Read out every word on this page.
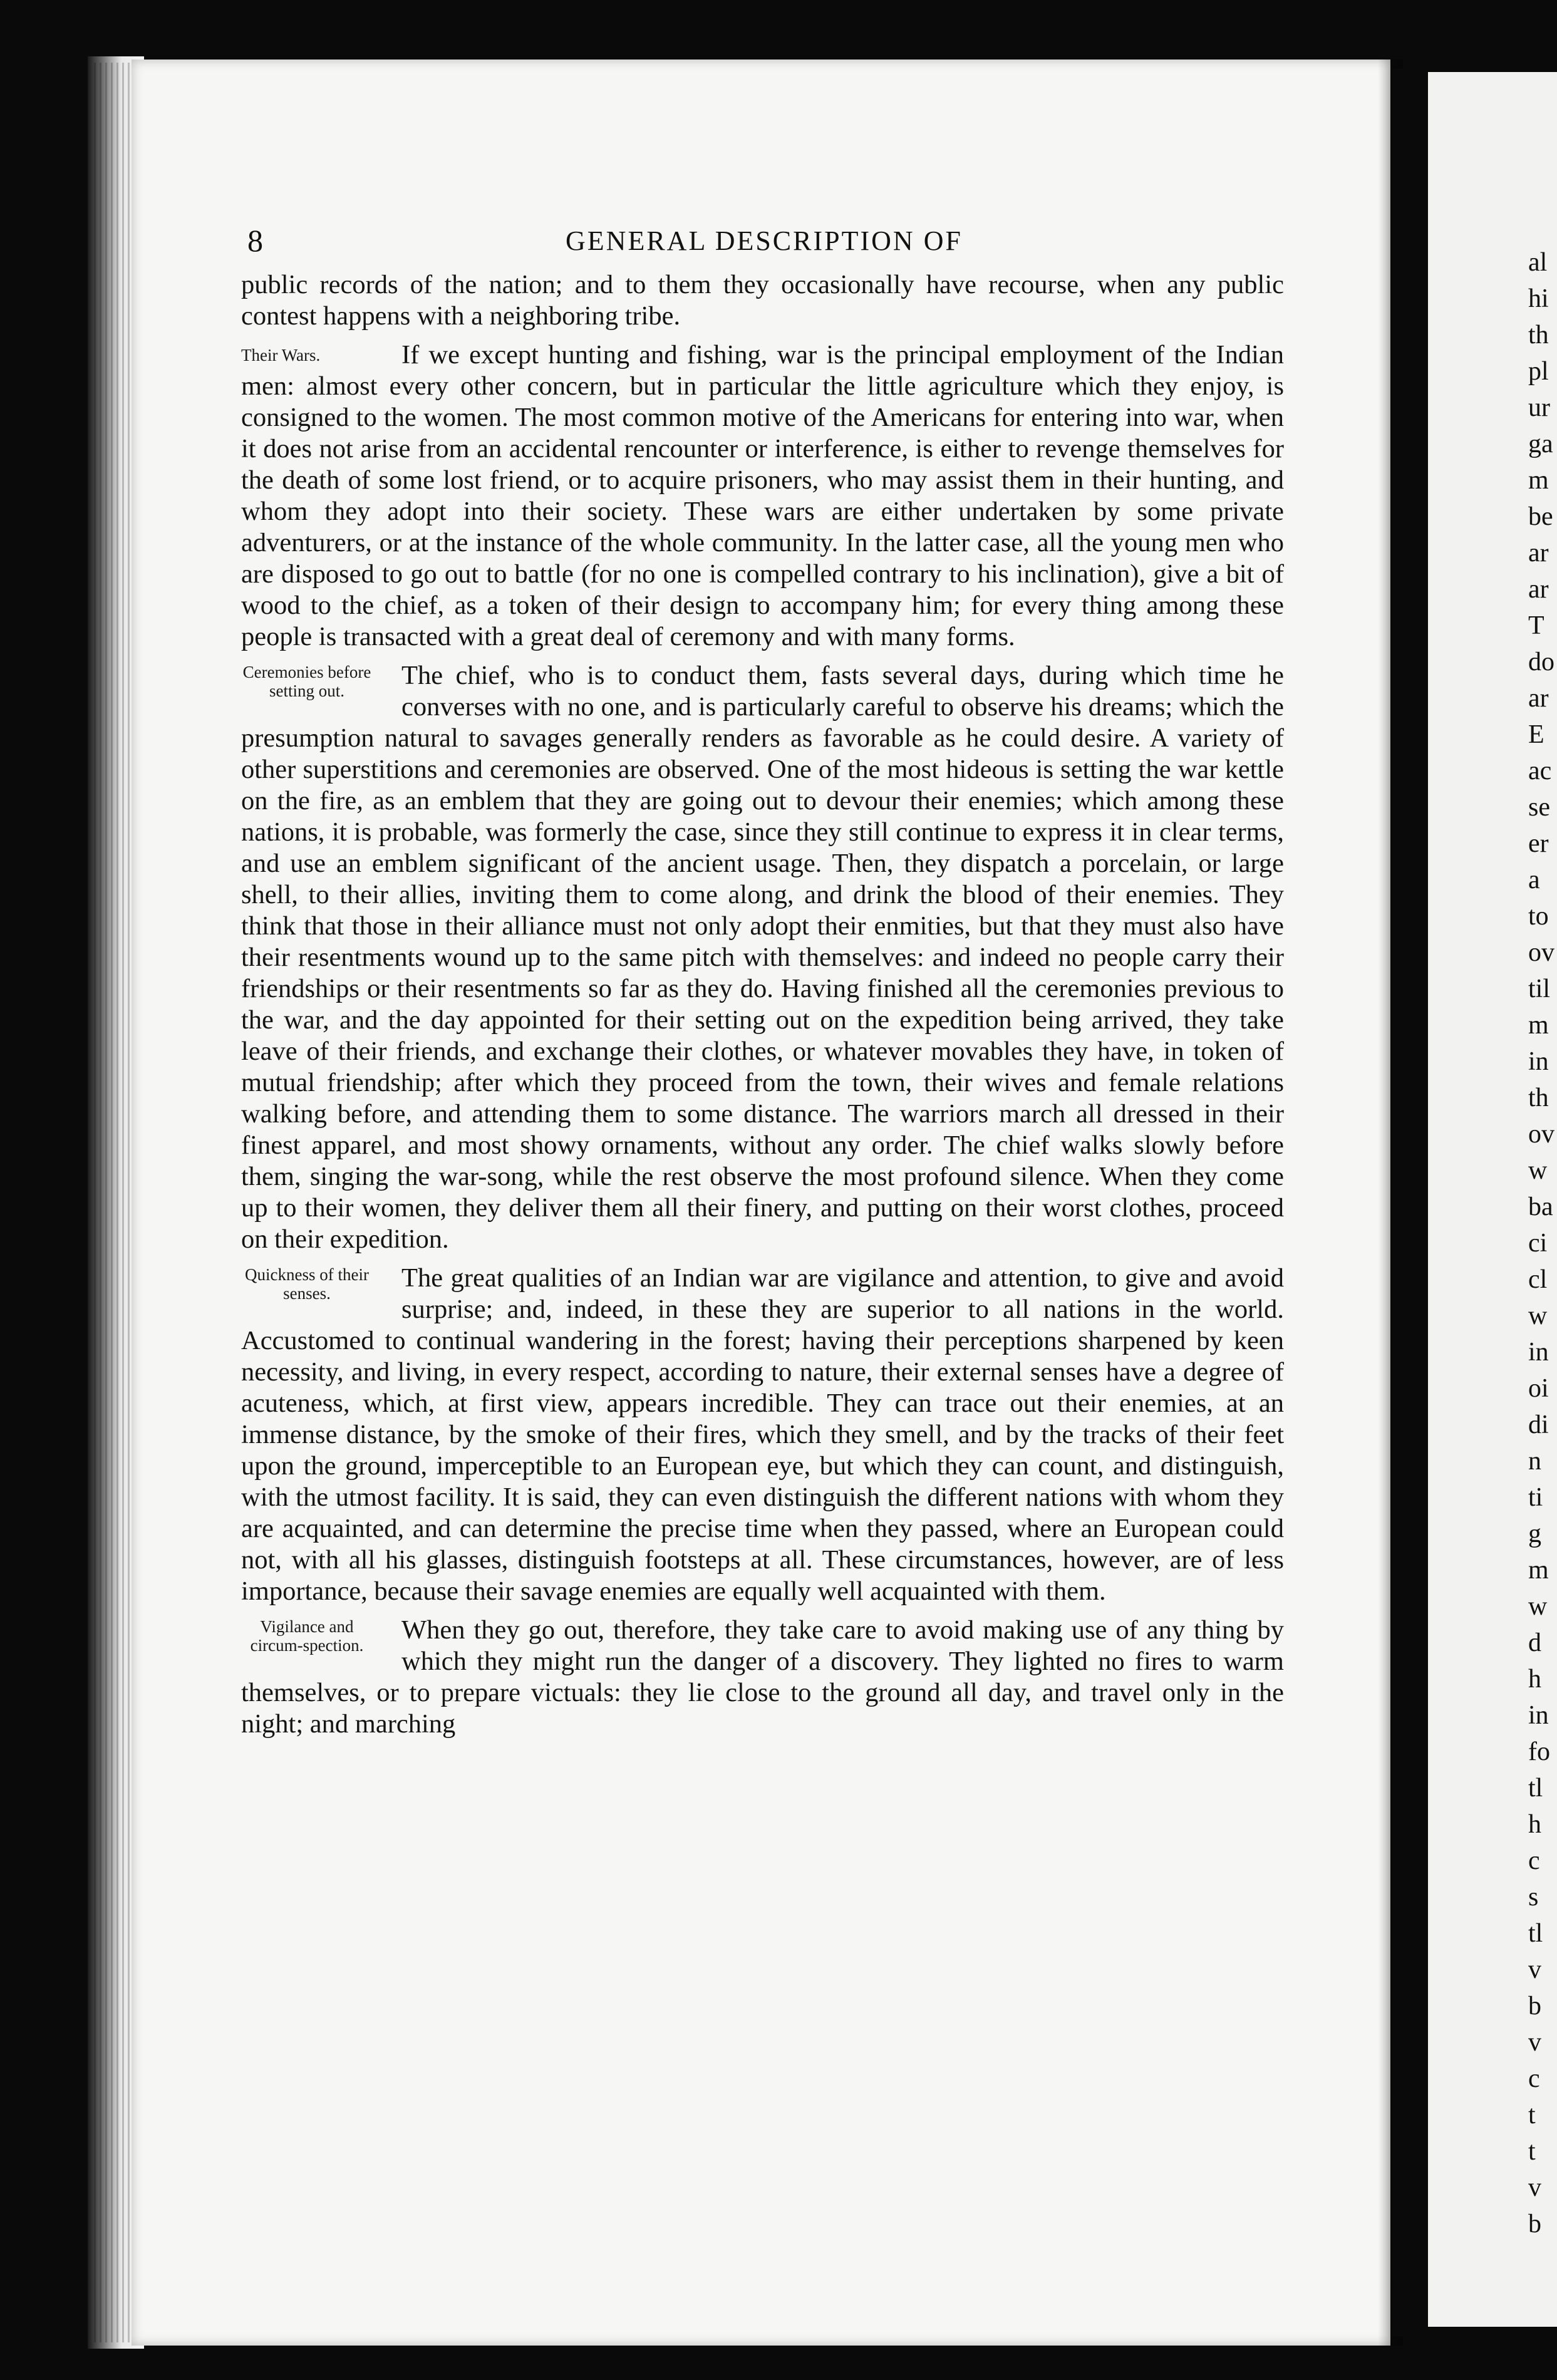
al
hi
th
pl
ur
ga
m
be
ar
ar
T
do
ar
E
ac
se
er
a
to
ov
til
m
in
th
ov
w
ba
ci
cl
w
in
oi
di
n
ti
g
m
w
d
h
in
fo
tl
h
c
s
tl
v
b
v
c
t
t
v
b
8	GENERAL DESCRIPTION OF

public records of the nation; and to them they occasionally have recourse, when any public contest happens with a neighboring tribe.

Their Wars.	If we except hunting and fishing, war is the principal employment of the Indian men: almost every other concern, but in particular the little agriculture which they enjoy, is consigned to the women. The most common motive of the Americans for entering into war, when it does not arise from an accidental rencounter or interference, is either to revenge themselves for the death of some lost friend, or to acquire prisoners, who may assist them in their hunting, and whom they adopt into their society. These wars are either undertaken by some private adventurers, or at the instance of the whole community. In the latter case, all the young men who are disposed to go out to battle (for no one is compelled contrary to his inclination), give a bit of wood to the chief, as a token of their design to accompany him; for every thing among these people is transacted with a great deal of ceremony and with many forms.
Ceremonies before setting out.
The chief, who is to conduct them, fasts several days, during which time he converses with no one, and is particularly careful to observe his dreams; which the presumption natural to savages generally renders as favorable as he could desire. A variety of other superstitions and ceremonies are observed. One of the most hideous is setting the war kettle on the fire, as an emblem that they are going out to devour their enemies; which among these nations, it is probable, was formerly the case, since they still continue to express it in clear terms, and use an emblem significant of the ancient usage. Then, they dispatch a porcelain, or large shell, to their allies, inviting them to come along, and drink the blood of their enemies. They think that those in their alliance must not only adopt their enmities, but that they must also have their resentments wound up to the same pitch with themselves: and indeed no people carry their friendships or their resentments so far as they do. Having finished all the ceremonies previous to the war, and the day appointed for their setting out on the expedition being arrived, they take leave of their friends, and exchange their clothes, or whatever movables they have, in token of mutual friendship; after which they proceed from the town, their wives and female relations walking before, and attending them to some distance. The warriors march all dressed in their finest apparel, and most showy ornaments, without any order. The chief walks slowly before them, singing the war-song, while the rest observe the most profound silence. When they come up to their women, they deliver them all their finery, and putting on their worst clothes, proceed on their expedition.
Quickness of their senses.
The great qualities of an Indian war are vigilance and attention, to give and avoid surprise; and, indeed, in these they are superior to all nations in the world. Accustomed to continual wandering in the forest; having their perceptions sharpened by keen necessity, and living, in every respect, according to nature, their external senses have a degree of acuteness, which, at first view, appears incredible. They can trace out their enemies, at an immense distance, by the smoke of their fires, which they smell, and by the tracks of their feet upon the ground, imperceptible to an European eye, but which they can count, and distinguish, with the utmost facility. It is said, they can even distinguish the different nations with whom they are acquainted, and can determine the precise time when they passed, where an European could not, with all his glasses, distinguish footsteps at all. These circumstances, however, are of less importance, because their savage enemies are equally well acquainted with them.
Vigilance and circum-spection.
When they go out, therefore, they take care to avoid making use of any thing by which they might run the danger of a discovery. They lighted no fires to warm themselves, or to prepare victuals: they lie close to the ground all day, and travel only in the night; and marching
